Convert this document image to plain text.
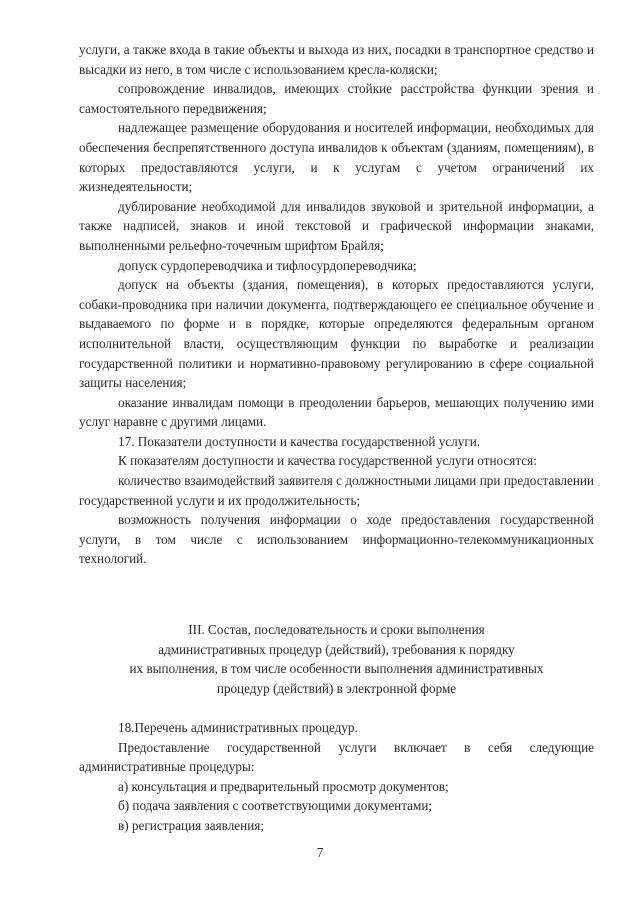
услуги, а также входа в такие объекты и выхода из них, посадки в транспортное средство и высадки из него, в том числе с использованием кресла-коляски;

сопровождение инвалидов, имеющих стойкие расстройства функции зрения и самостоятельного передвижения;

надлежащее размещение оборудования и носителей информации, необходимых для обеспечения беспрепятственного доступа инвалидов к объектам (зданиям, помещениям), в которых предоставляются услуги, и к услугам с учетом ограничений их жизнедеятельности;

дублирование необходимой для инвалидов звуковой и зрительной информации, а также надписей, знаков и иной текстовой и графической информации знаками, выполненными рельефно-точечным шрифтом Брайля;

допуск сурдопереводчика и тифлосурдопереводчика;

допуск на объекты (здания, помещения), в которых предоставляются услуги, собаки-проводника при наличии документа, подтверждающего ее специальное обучение и выдаваемого по форме и в порядке, которые определяются федеральным органом исполнительной власти, осуществляющим функции по выработке и реализации государственной политики и нормативно-правовому регулированию в сфере социальной защиты населения;

оказание инвалидам помощи в преодолении барьеров, мешающих получению ими услуг наравне с другими лицами.

17. Показатели доступности и качества государственной услуги.

К показателям доступности и качества государственной услуги относятся:

количество взаимодействий заявителя с должностными лицами при предоставлении государственной услуги и их продолжительность;

возможность получения информации о ходе предоставления государственной услуги, в том числе с использованием информационно-телекоммуникационных технологий.

III. Состав, последовательность и сроки выполнения
административных процедур (действий), требования к порядку
их выполнения, в том числе особенности выполнения административных
процедур (действий) в электронной форме

18.Перечень административных процедур.

Предоставление государственной услуги включает в себя следующие административные процедуры:

а) консультация и предварительный просмотр документов;

б) подача заявления с соответствующими документами;

в) регистрация заявления;

7
